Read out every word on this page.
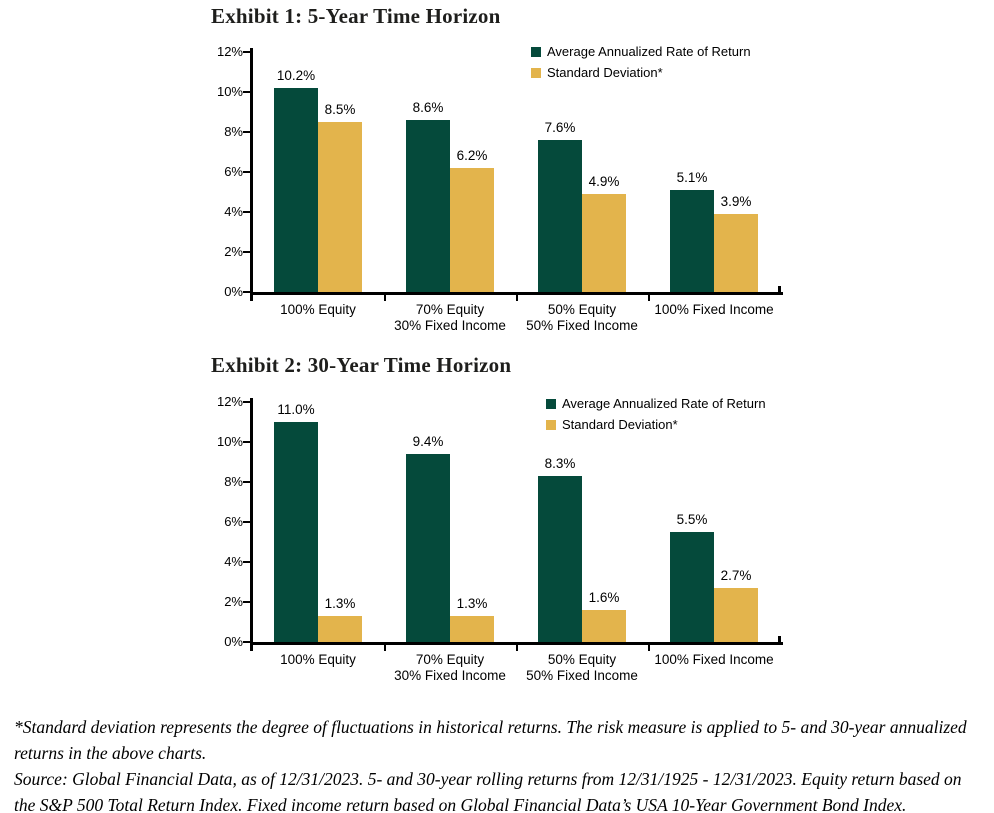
Exhibit 1: 5-Year Time Horizon
0%
2%
4%
6%
8%
10%
12%
10.2%
8.5%
100% Equity
8.6%
6.2%
70% Equity
30% Fixed Income
7.6%
4.9%
50% Equity
50% Fixed Income
5.1%
3.9%
100% Fixed Income
Average Annualized Rate of Return
Standard Deviation*
Exhibit 2: 30-Year Time Horizon
0%
2%
4%
6%
8%
10%
12%
11.0%
1.3%
100% Equity
9.4%
1.3%
70% Equity
30% Fixed Income
8.3%
1.6%
50% Equity
50% Fixed Income
5.5%
2.7%
100% Fixed Income
Average Annualized Rate of Return
Standard Deviation*

*Standard deviation represents the degree of fluctuations in historical returns. The risk measure is applied to 5- and 30-year annualized

returns in the above charts.

Source: Global Financial Data, as of 12/31/2023. 5- and 30-year rolling returns from 12/31/1925 - 12/31/2023. Equity return based on

the S&P 500 Total Return Index. Fixed income return based on Global Financial Data’s USA 10-Year Government Bond Index.
